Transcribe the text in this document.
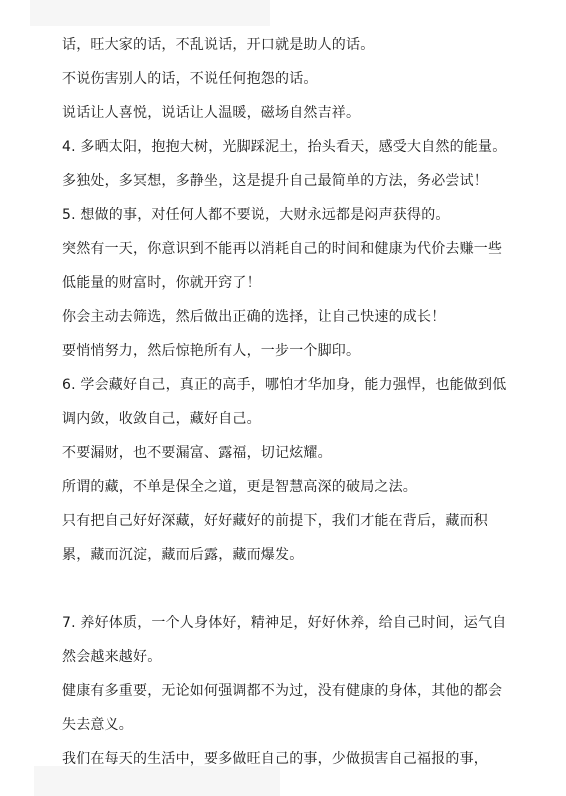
话，旺大家的话，不乱说话，开口就是助人的话。

不说伤害别人的话，不说任何抱怨的话。

说话让人喜悦，说话让人温暖，磁场自然吉祥。

4. 多晒太阳，抱抱大树，光脚踩泥土，抬头看天，感受大自然的能量。

多独处，多冥想，多静坐，这是提升自己最简单的方法，务必尝试！

5. 想做的事，对任何人都不要说，大财永远都是闷声获得的。

突然有一天，你意识到不能再以消耗自己的时间和健康为代价去赚一些低能量的财富时，你就开窍了！

你会主动去筛选，然后做出正确的选择，让自己快速的成长！

要悄悄努力，然后惊艳所有人，一步一个脚印。

6. 学会藏好自己，真正的高手，哪怕才华加身，能力强悍，也能做到低调内敛，收敛自己，藏好自己。

不要漏财，也不要漏富、露福，切记炫耀。

所谓的藏，不单是保全之道，更是智慧高深的破局之法。

只有把自己好好深藏，好好藏好的前提下，我们才能在背后，藏而积累，藏而沉淀，藏而后露，藏而爆发。

7. 养好体质，一个人身体好，精神足，好好休养，给自己时间，运气自然会越来越好。

健康有多重要，无论如何强调都不为过，没有健康的身体，其他的都会失去意义。

我们在每天的生活中，要多做旺自己的事，少做损害自己福报的事，
